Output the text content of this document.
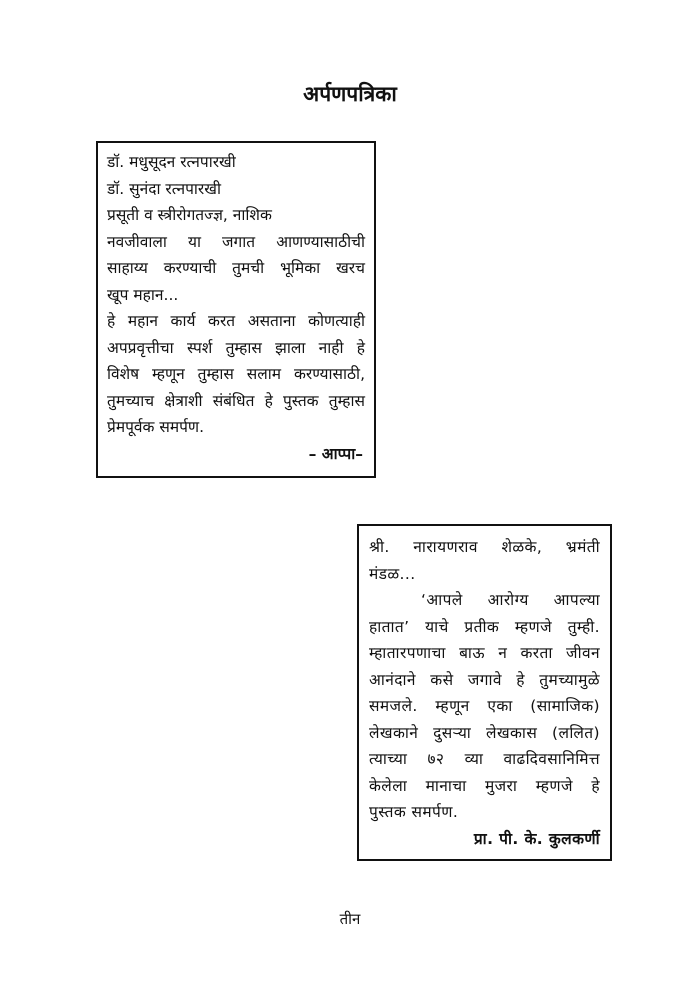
अर्पणपत्रिका
डॉ. मधुसूदन रत्नपारखी
डॉ. सुनंदा रत्नपारखी
प्रसूती व स्त्रीरोगतज्ज्ञ, नाशिक
नवजीवाला या जगात आणण्यासाठीची
साहाय्य करण्याची तुमची भूमिका खरच
खूप महान...
हे महान कार्य करत असताना कोणत्याही
अपप्रवृत्तीचा स्पर्श तुम्हास झाला नाही हे
विशेष म्हणून तुम्हास सलाम करण्यासाठी,
तुमच्याच क्षेत्राशी संबंधित हे पुस्तक तुम्हास
प्रेमपूर्वक समर्पण.
– आप्पा–
श्री. नारायणराव शेळके, भ्रमंती
मंडळ...
‘आपले आरोग्य आपल्या
हातात’ याचे प्रतीक म्हणजे तुम्ही.
म्हातारपणाचा बाऊ न करता जीवन
आनंदाने कसे जगावे हे तुमच्यामुळे
समजले. म्हणून एका (सामाजिक)
लेखकाने दुसऱ्या लेखकास (ललित)
त्याच्या ७२ व्या वाढदिवसानिमित्त
केलेला मानाचा मुजरा म्हणजे हे
पुस्तक समर्पण.
प्रा. पी. के. कुलकर्णी
तीन
